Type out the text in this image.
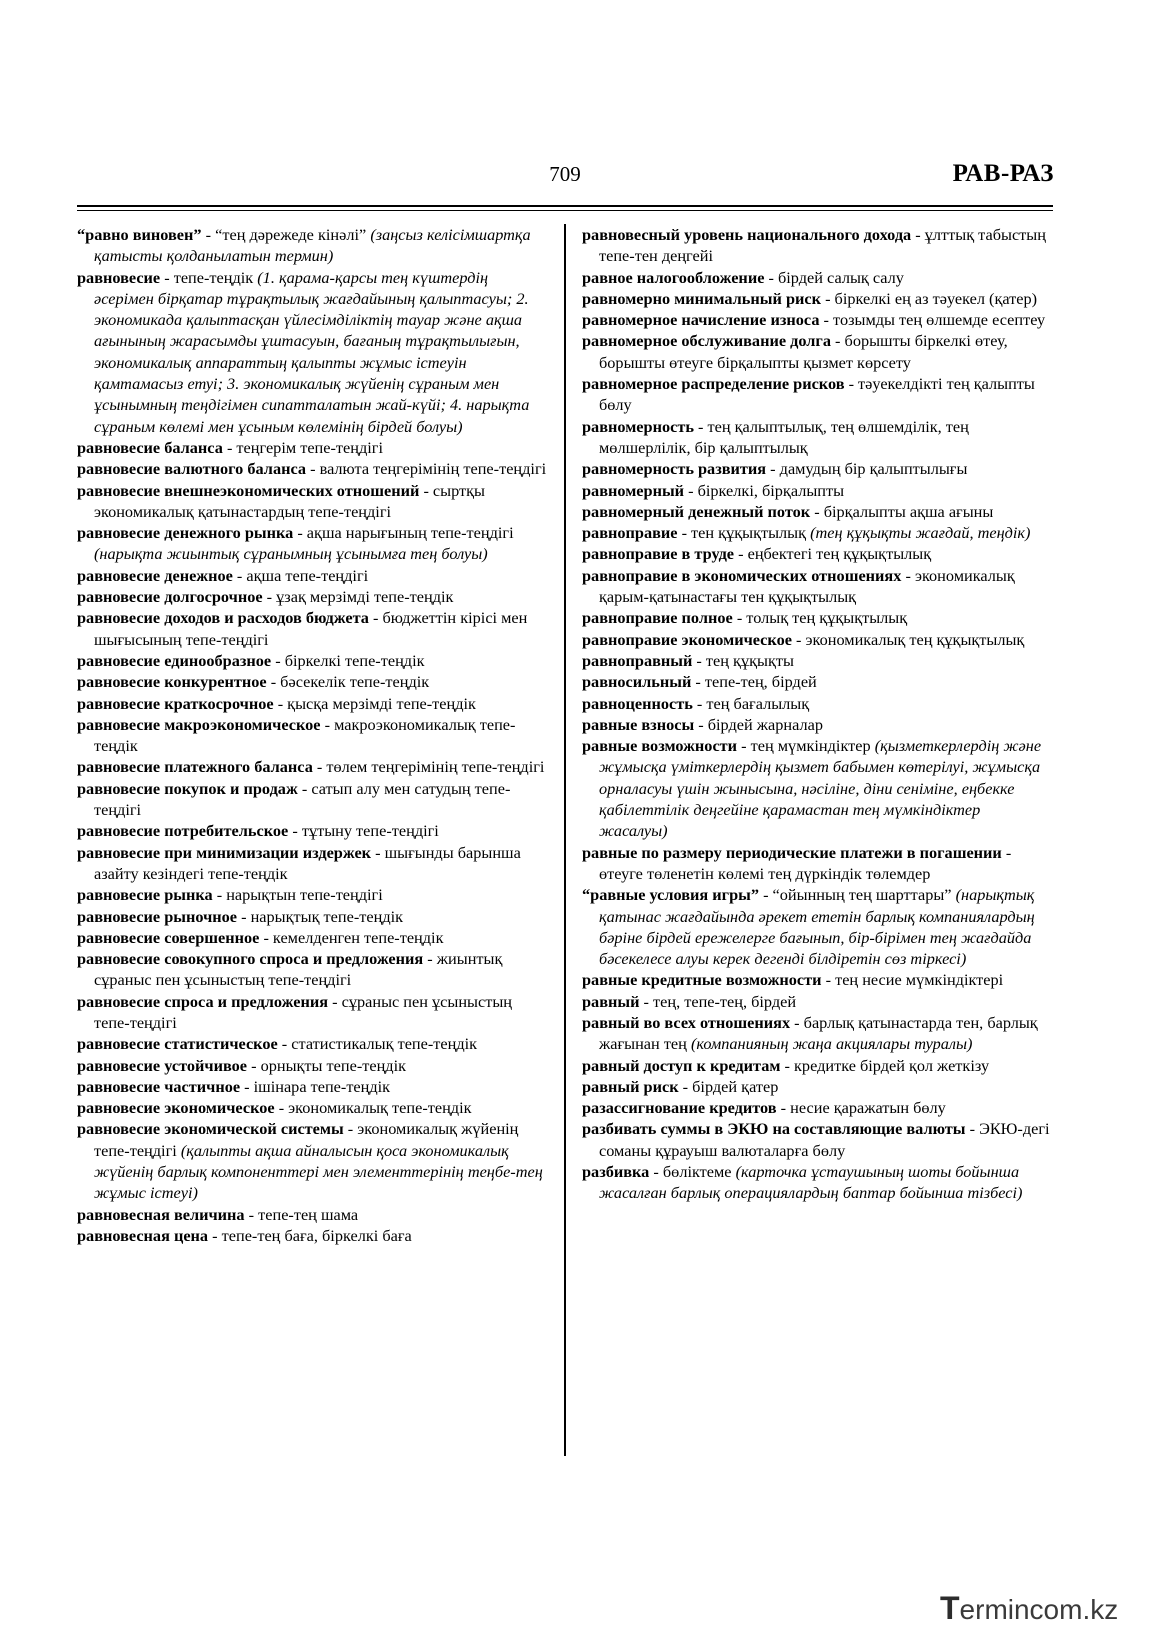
709	РАВ-РАЗ

“равно виновен” - “тең дәрежеде кінәлі” (заңсыз келісімшартқа қатысты қолданылатын термин)

равновесие - тепе-теңдік (1. қарама-қарсы тең күштердің әсерімен бірқатар тұрақтылық жағдайының қалыптасуы; 2. экономикада қалыптасқан үйлесімділіктің тауар және ақша ағынының жарасымды ұштасуын, бағаның тұрақтылығын, экономикалық аппараттың қалыпты жұмыс істеуін қамтамасыз етуі; 3. экономикалық жүйенің сұраным мен ұсынымның теңдігімен сипатталатын жай-күйі; 4. нарықта сұраным көлемі мен ұсыным көлемінің бірдей болуы)

равновесие баланса - теңгерім тепе-теңдігі

равновесие валютного баланса - валюта теңгерімінің тепе-теңдігі

равновесие внешнеэкономических отношений - сыртқы экономикалық қатынастардың тепе-теңдігі

равновесие денежного рынка - ақша нарығының тепе-теңдігі (нарықта жиынтық сұранымның ұсынымға тең болуы)

равновесие денежное - ақша тепе-теңдігі

равновесие долгосрочное - ұзақ мерзімді тепе-теңдік

равновесие доходов и расходов бюджета - бюджеттін кірісі мен шығысының тепе-теңдігі

равновесие единообразное - біркелкі тепе-теңдік

равновесие конкурентное - бәсекелік тепе-теңдік

равновесие краткосрочное - қысқа мерзімді тепе-теңдік

равновесие макроэкономическое - макроэкономикалық тепе-теңдік

равновесие платежного баланса - төлем теңгерімінің тепе-теңдігі

равновесие покупок и продаж - сатып алу мен сатудың тепе-теңдігі

равновесие потребительское - тұтыну тепе-теңдігі

равновесие при минимизации издержек - шығынды барынша азайту кезіндегі тепе-теңдік

равновесие рынка - нарықтын тепе-теңдігі

равновесие рыночное - нарықтық тепе-теңдік

равновесие совершенное - кемелденген тепе-теңдік

равновесие совокупного спроса и предложения - жиынтық сұраныс пен ұсыныстың тепе-теңдігі

равновесие спроса и предложения - сұраныс пен ұсыныстың тепе-теңдігі

равновесие статистическое - статистикалық тепе-теңдік

равновесие устойчивое - орнықты тепе-теңдік

равновесие частичное - ішінара тепе-теңдік

равновесие экономическое - экономикалық тепе-теңдік

равновесие экономической системы - экономикалық жүйенің тепе-теңдігі (қалыпты ақша айналысын қоса экономикалық жүйенің барлық компоненттері мен элементтерінің теңбе-тең жұмыс істеуі)

равновесная величина - тепе-тең шама

равновесная цена - тепе-тең баға, біркелкі баға

равновесный уровень национального дохода - ұлттық табыстың тепе-тен деңгейі

равное налогообложение - бірдей салық салу

равномерно минимальный риск - біркелкі ең аз тәуекел (қатер)

равномерное начисление износа - тозымды тең өлшемде есептеу

равномерное обслуживание долга - борышты біркелкі өтеу, борышты өтеуге бірқалыпты қызмет көрсету

равномерное распределение рисков - тәуекелдікті тең қалыпты бөлу

равномерность - тең қалыптылық, тең өлшемділік, тең мөлшерлілік, бір қалыптылық

равномерность развития - дамудың бір қалыптылығы

равномерный - біркелкі, бірқалыпты

равномерный денежный поток - бірқалыпты ақша ағыны

равноправие - тен құқықтылық (тең құқықты жағдай, теңдік)

равноправие в труде - еңбектегі тең құқықтылық

равноправие в экономических отношениях - экономикалық қарым-қатынастағы тен құқықтылық

равноправие полное - толық тең құқықтылық

равноправие экономическое - экономикалық тең құқықтылық

равноправный - тең құқықты

равносильный - тепе-тең, бірдей

равноценность - тең бағалылық

равные взносы - бірдей жарналар

равные возможности - тең мүмкіндіктер (қызметкерлердің және жұмысқа үміткерлердің қызмет бабымен көтерілуі, жұмысқа орналасуы үшін жынысына, нәсіліне, діни сеніміне, еңбекке қабілеттілік деңгейіне қарамастан тең мүмкіндіктер жасалуы)

равные по размеру периодические платежи в погашении - өтеуге төленетін көлемі тең дүркіндік төлемдер

“равные условия игры” - “ойынның тең шарттары” (нарықтық қатынас жағдайында әрекет ететін барлық компаниялардың бәріне бірдей ережелерге бағынып, бір-бірімен тең жағдайда бәсекелесе алуы керек дегенді білдіретін сөз тіркесі)

равные кредитные возможности - тең несие мүмкіндіктері

равный - тең, тепе-тең, бірдей

равный во всех отношениях - барлық қатынастарда тен, барлық жағынан тең (компанияның жаңа акциялары туралы)

равный доступ к кредитам - кредитке бірдей қол жеткізу

равный риск - бірдей қатер

разассигнование кредитов - несие қаражатын бөлу

разбивать суммы в ЭКЮ на составляющие валюты - ЭКЮ-дегі соманы құрауыш валюталарға бөлу

разбивка - бөліктеме (карточка ұстаушының шоты бойынша жасалған барлық операциялардың баптар бойынша тізбесі)

Termincom.kz
